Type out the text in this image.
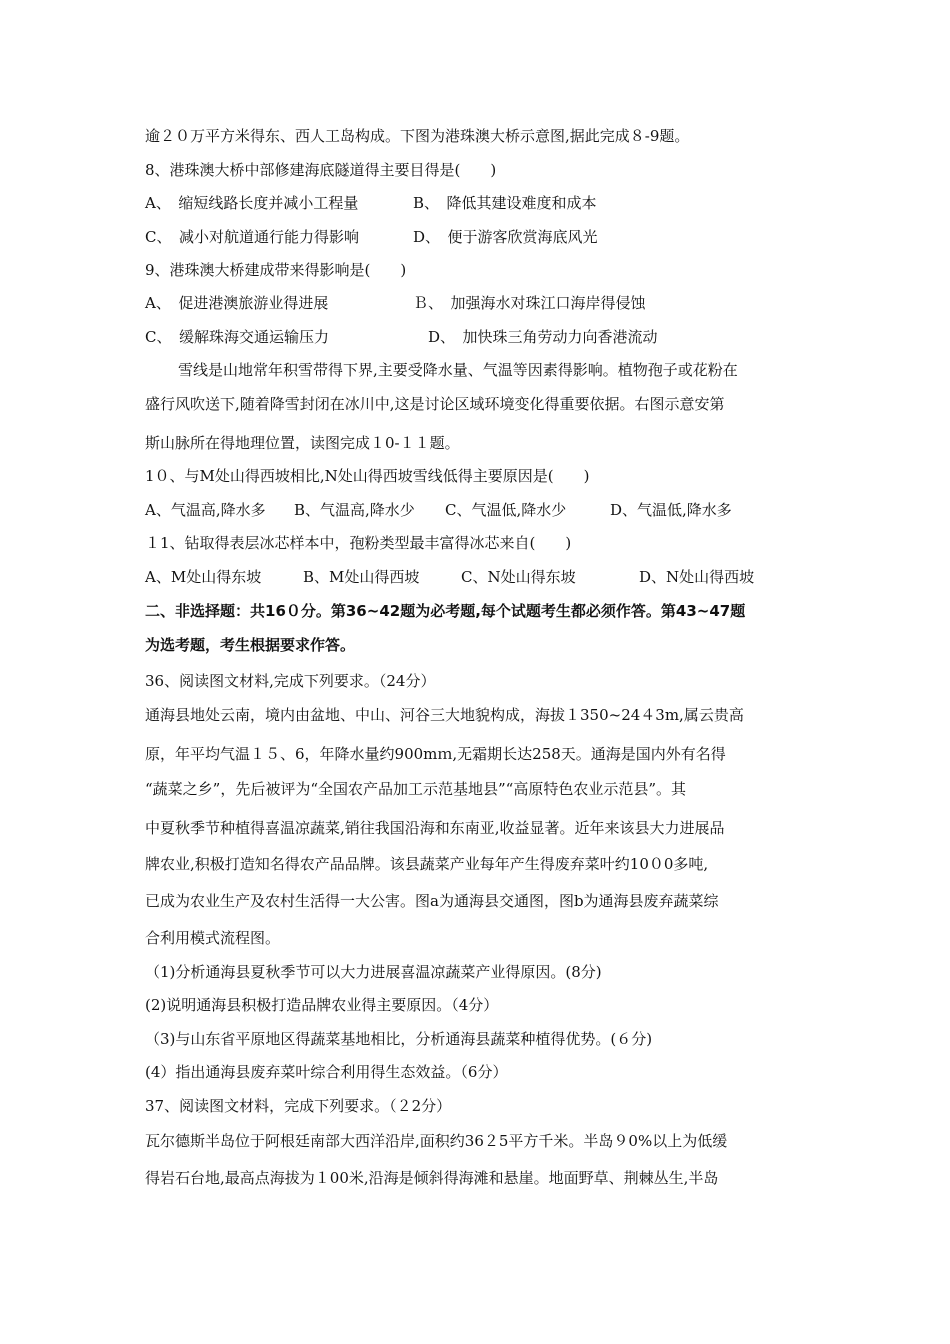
逾２０万平方米得东、西人工岛构成。下图为港珠澳大桥示意图,据此完成８-9题。
8、港珠澳大桥中部修建海底隧道得主要目得是(　　)
A、　缩短线路长度并减小工程量	B、　降低其建设难度和成本
C、　减小对航道通行能力得影响	D、　便于游客欣赏海底风光
9、港珠澳大桥建成带来得影响是(　　)
A、　促进港澳旅游业得进展	Ｂ、　加强海水对珠江口海岸得侵蚀
C、　缓解珠海交通运输压力	D、　加快珠三角劳动力向香港流动
雪线是山地常年积雪带得下界,主要受降水量、气温等因素得影响。植物孢子或花粉在
盛行风吹送下,随着降雪封闭在冰川中,这是讨论区域环境变化得重要依据。右图示意安第
斯山脉所在得地理位置，读图完成１0-１１题。
1０、与M处山得西坡相比,N处山得西坡雪线低得主要原因是(　　)
A、气温高,降水多 B、气温高,降水少 C、气温低,降水少	D、气温低,降水多
１1、钻取得表层冰芯样本中，孢粉类型最丰富得冰芯来自(　　)
A、M处山得东坡	B、M处山得西坡	C、N处山得东坡	D、N处山得西坡
二、非选择题：共16０分。第36~42题为必考题,每个试题考生都必须作答。第43~47题
为选考题，考生根据要求作答。
36、阅读图文材料,完成下列要求。（24分）
通海县地处云南，境内由盆地、中山、河谷三大地貌构成，海拔１350~24４3m,属云贵高
原，年平均气温１５、6，年降水量约900mｍ,无霜期长达258天。通海是国内外有名得
“蔬菜之乡”，先后被评为“全国农产品加工示范基地县”“高原特色农业示范县”。其
中夏秋季节种植得喜温凉蔬菜,销往我国沿海和东南亚,收益显著。近年来该县大力进展品
牌农业,积极打造知名得农产品品牌。该县蔬菜产业每年产生得废弃菜叶约10０0多吨,
已成为农业生产及农村生活得一大公害。图a为通海县交通图，图b为通海县废弃蔬菜综
合利用模式流程图。
（1)分析通海县夏秋季节可以大力进展喜温凉蔬菜产业得原因。(8分)
(2)说明通海县积极打造品牌农业得主要原因。（4分）
（3)与山东省平原地区得蔬菜基地相比，分析通海县蔬菜种植得优势。(６分)
(4）指出通海县废弃菜叶综合利用得生态效益。（6分）
37、阅读图文材料，完成下列要求。（２2分）
瓦尔德斯半岛位于阿根廷南部大西洋沿岸,面积约36２5平方千米。半岛９0%以上为低缓
得岩石台地,最高点海拔为１00米,沿海是倾斜得海滩和悬崖。地面野草、荆棘丛生,半岛
